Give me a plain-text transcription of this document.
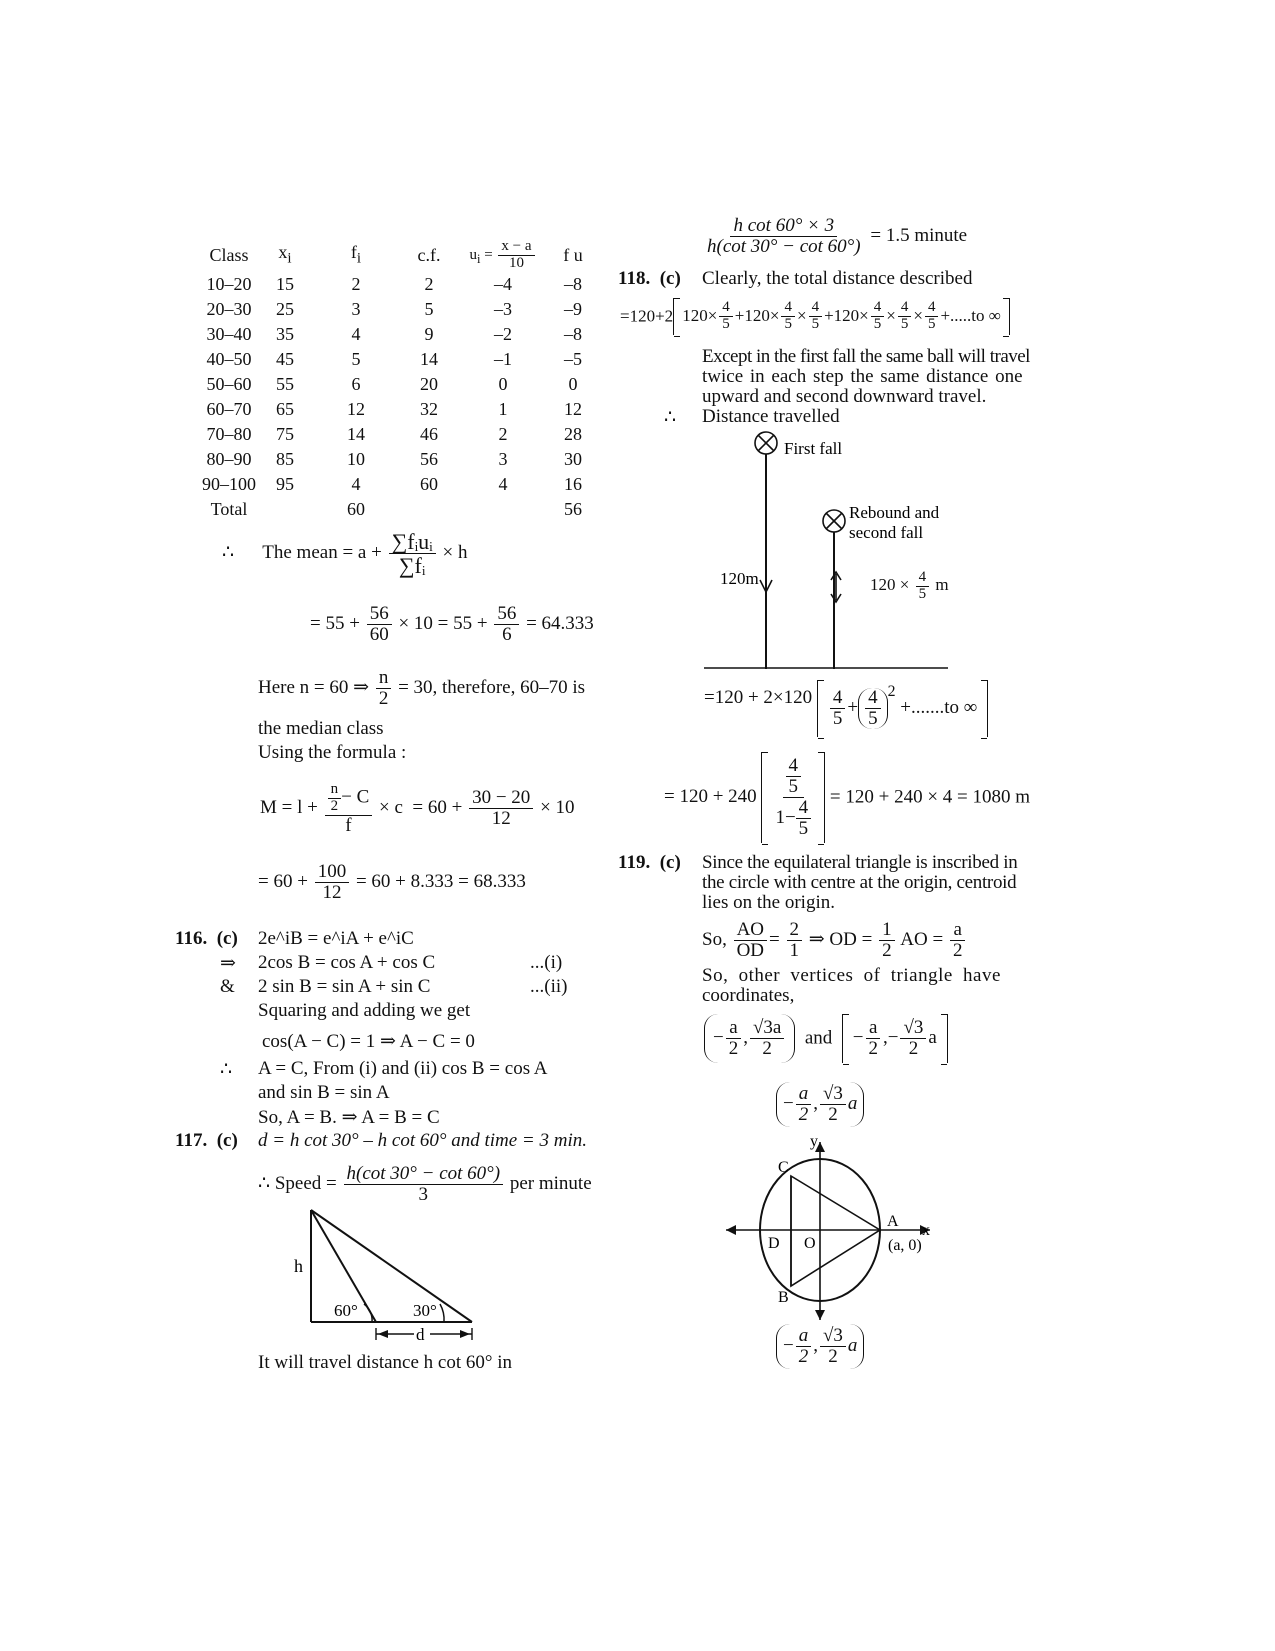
Class	$x_i$	$f_i$	c.f.	$u_i = \frac{x - a}{10}$	f u
10–20	15	2	2	–4	–8
20–30	25	3	5	–3	–9
30–40	35	4	9	–2	–8
40–50	45	5	14	–1	–5
50–60	55	6	20	0	0
60–70	65	12	32	1	12
70–80	75	14	46	2	28
80–90	85	10	56	3	30
90–100	95	4	60	4	16
Total		60			56
∴ The mean = $a + \frac{\text{∑fᵢuᵢ}}{\text{∑fᵢ}} \times h$
= $55 + \frac{56}{60} \times 10 = 55 + \frac{56}{6} = 64.333$
Here n = 60 ⇒ $\frac{n}{2} = 30$, therefore, 60–70 is
the median class
Using the formula :
$M = l + \frac{\frac{n}{2} - C}{f} \times c = 60 + \frac{30 - 20}{12} \times 10$
= $60 + \frac{100}{12} = 60 + 8.333 = 68.333$
116. (c) 2e^iB = e^iA + e^iC
⇒ 2cos B = cos A + cos C	...(i)
& 2 sin B = sin A + sin C	...(ii)
Squaring and adding we get
cos(A − C) = 1 ⇒ A − C = 0
∴ A = C, From (i) and (ii) cos B = cos A
and sin B = sin A
So, A = B. ⇒ A = B = C
117. (c) d = h cot 30° – h cot 60° and time = 3 min.
∴ Speed = $\frac{h(\cot 30^\circ - \cot 60^\circ)}{3}$ per minute
h
60°	30°
d
It will travel distance h cot 60° in
$\frac{\text{h cot 60° × 3}}{h(\cot 30^\circ - \cot 60^\circ)} = 1.5$ minute
118. (c) Clearly, the total distance described
=120+2 $120\times \frac{4}{5} +120\times \frac{4}{5} \times \frac{4}{5} +120\times \frac{4}{5} \times \frac{4}{5} \times \frac{4}{5} +.....to$ ∞
Except in the first fall the same ball will travel
twice in each step the same distance one
upward and second downward travel.
∴ Distance travelled
First fall
Rebound and
second fall
120m	$120 \times \frac{4}{5}$ m
$=120 + 2\times 120 \frac{4}{5} + \frac{4}{5} ^2$

+.......to ∞
= $120 + 240 \frac{\frac{4}{5}}{1- \frac{4}{5}} = 120 + 240 \times 4 = 1080$ m
119. (c) Since the equilateral triangle is inscribed in
the circle with centre at the origin, centroid
lies on the origin.
So, $\frac{AO}{OD} = \frac{2}{1}$ ⇒ OD = $\frac{1}{2}$ AO = $\frac{a}{2}$
So, other vertices of triangle have
coordinates,
− $\frac{a}{2}$ , $\frac{√3a}{2}$ and − $\frac{a}{2}$ ,− $\frac{√3}{2}$ a
− $\frac{a}{2}$ , $\frac{√3}{2}$ a
C
A
B
D O
x
y
(a, 0)
− $\frac{a}{2}$ , $\frac{√3}{2}$ a
